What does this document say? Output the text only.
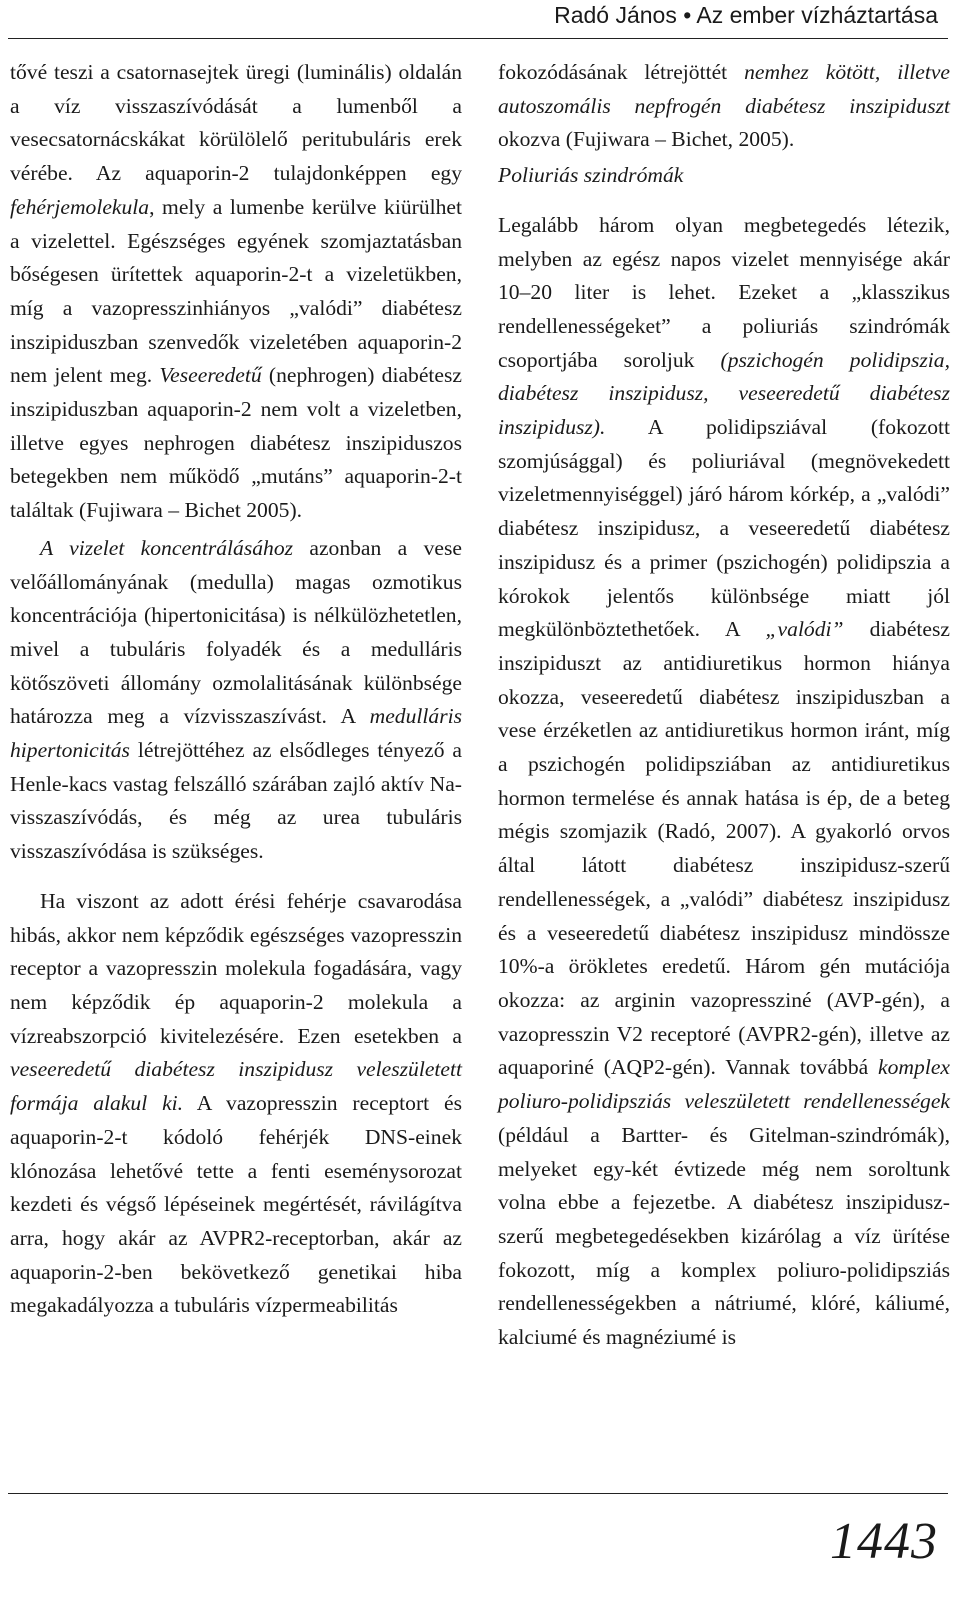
Radó János • Az ember vízháztartása

tővé teszi a csatornasejtek üregi (luminális) oldalán a víz visszaszívódását a lumenből a vesecsatornácskákat körülölelő peritubuláris erek vérébe. Az aquaporin-2 tulajdonképpen egy fehérjemolekula, mely a lumenbe kerülve kiürülhet a vizelettel. Egészséges egyének szomjaztatásban bőségesen ürítettek aquaporin-2-t a vizeletükben, míg a vazopresszinhiányos „valódi” diabétesz inszipiduszban szenvedők vizeletében aquaporin-2 nem jelent meg. Veseeredetű (nephrogen) diabétesz inszipiduszban aquaporin-2 nem volt a vizeletben, illetve egyes nephrogen diabétesz inszipiduszos betegekben nem működő „mutáns” aquaporin-2-t találtak (Fujiwara – Bichet 2005).

A vizelet koncentrálásához azonban a vese velőállományának (medulla) magas ozmotikus koncentrációja (hipertonicitása) is nélkülözhetetlen, mivel a tubuláris folyadék és a medulláris kötőszöveti állomány ozmolalitásának különbsége határozza meg a vízvisszaszívást. A medulláris hipertonicitás létrejöttéhez az elsődleges tényező a Henle-kacs vastag felszálló szárában zajló aktív Na-visszaszívódás, és még az urea tubuláris visszaszívódása is szükséges.

Ha viszont az adott érési fehérje csavarodása hibás, akkor nem képződik egészséges vazopresszin receptor a vazopresszin molekula fogadására, vagy nem képződik ép aquaporin-2 molekula a vízreabszorpció kivitelezésére. Ezen esetekben a veseeredetű diabétesz inszipidusz veleszületett formája alakul ki. A vazopresszin receptort és aquaporin-2-t kódoló fehérjék DNS-einek klónozása lehetővé tette a fenti eseménysorozat kezdeti és végső lépéseinek megértését, rávilágítva arra, hogy akár az AVPR2-receptorban, akár az aquaporin-2-ben bekövetkező genetikai hiba megakadályozza a tubuláris vízpermeabilitás

fokozódásának létrejöttét nemhez kötött, illetve autoszomális nepfrogén diabétesz inszipiduszt okozva (Fujiwara – Bichet, 2005).

Poliuriás szindrómák

Legalább három olyan megbetegedés létezik, melyben az egész napos vizelet mennyisége akár 10–20 liter is lehet. Ezeket a „klasszikus rendellenességeket” a poliuriás szindrómák csoportjába soroljuk (pszichogén polidipszia, diabétesz inszipidusz, veseeredetű diabétesz inszipidusz). A polidipsziával (fokozott szomjúsággal) és poliuriával (megnövekedett vizeletmennyiséggel) járó három kórkép, a „valódi” diabétesz inszipidusz, a veseeredetű diabétesz inszipidusz és a primer (pszichogén) polidipszia a kórokok jelentős különbsége miatt jól megkülönböztethetőek. A „valódi” diabétesz inszipiduszt az antidiuretikus hormon hiánya okozza, veseeredetű diabétesz inszipiduszban a vese érzéketlen az antidiuretikus hormon iránt, míg a pszichogén polidipsziában az antidiuretikus hormon termelése és annak hatása is ép, de a beteg mégis szomjazik (Radó, 2007). A gyakorló orvos által látott diabétesz inszipidusz-szerű rendellenességek, a „valódi” diabétesz inszipidusz és a veseeredetű diabétesz inszipidusz mindössze 10%-a örökletes eredetű. Három gén mutációja okozza: az arginin vazopressziné (AVP-gén), a vazopresszin V2 receptoré (AVPR2-gén), illetve az aquaporiné (AQP2-gén). Vannak továbbá komplex poliuro-polidipsziás veleszületett rendellenességek (például a Bartter- és Gitelman-szindrómák), melyeket egy-két évtizede még nem soroltunk volna ebbe a fejezetbe. A diabétesz inszipidusz-szerű megbetegedésekben kizárólag a víz ürítése fokozott, míg a komplex poliuro-polidipsziás rendellenességekben a nátriumé, klóré, káliumé, kalciumé és magnéziumé is

1443
